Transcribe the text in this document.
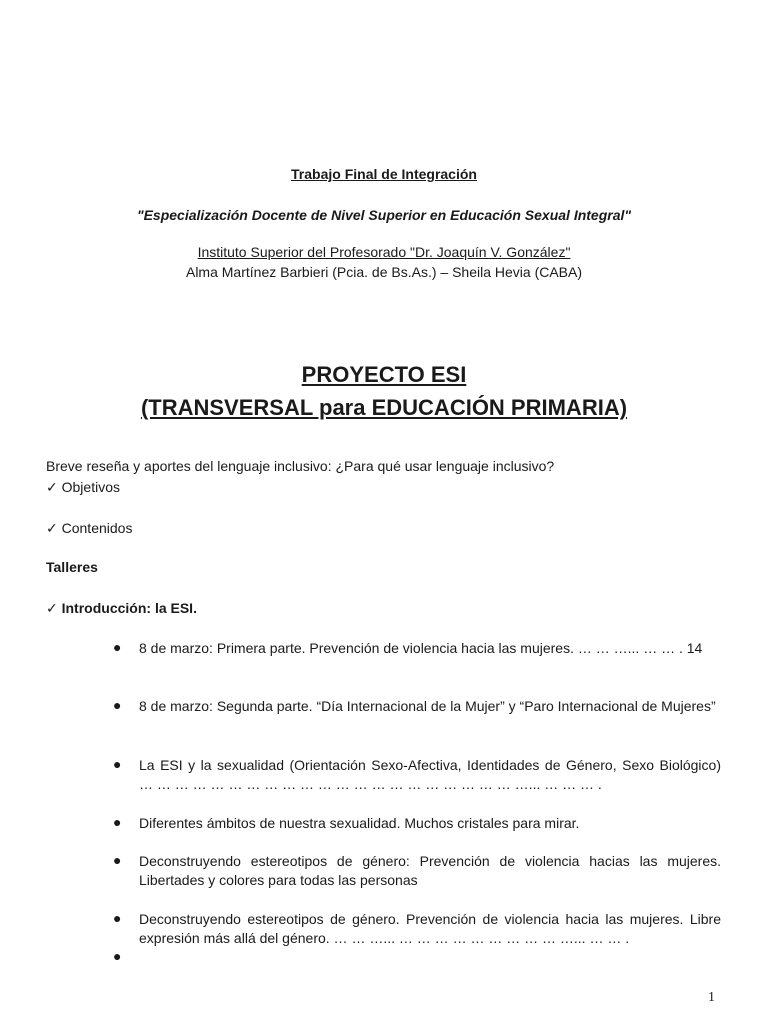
Trabajo Final de Integración
"Especialización Docente de Nivel Superior en Educación Sexual Integral"
Instituto Superior del Profesorado "Dr. Joaquín V. González"
Alma Martínez Barbieri (Pcia. de Bs.As.) – Sheila Hevia (CABA)
PROYECTO ESI
(TRANSVERSAL para EDUCACIÓN PRIMARIA)
Breve reseña y aportes del lenguaje inclusivo: ¿Para qué usar lenguaje inclusivo?
✓ Objetivos
✓ Contenidos
Talleres
✓ Introducción: la ESI.
● 8 de marzo: Primera parte. Prevención de violencia hacia las mujeres. … … …... … … . 14
● 8 de marzo: Segunda parte. “Día Internacional de la Mujer” y “Paro Internacional de Mujeres”
● La ESI y la sexualidad (Orientación Sexo-Afectiva, Identidades de Género, Sexo Biológico) … … … … … … … … … … … … … … … … … … … … … …... … … … .
● Diferentes ámbitos de nuestra sexualidad. Muchos cristales para mirar.
● Deconstruyendo estereotipos de género: Prevención de violencia hacias las mujeres. Libertades y colores para todas las personas
● Deconstruyendo estereotipos de género. Prevención de violencia hacia las mujeres. Libre expresión más allá del género. … … …... … … … … … … … … … …... … … .
●
1
